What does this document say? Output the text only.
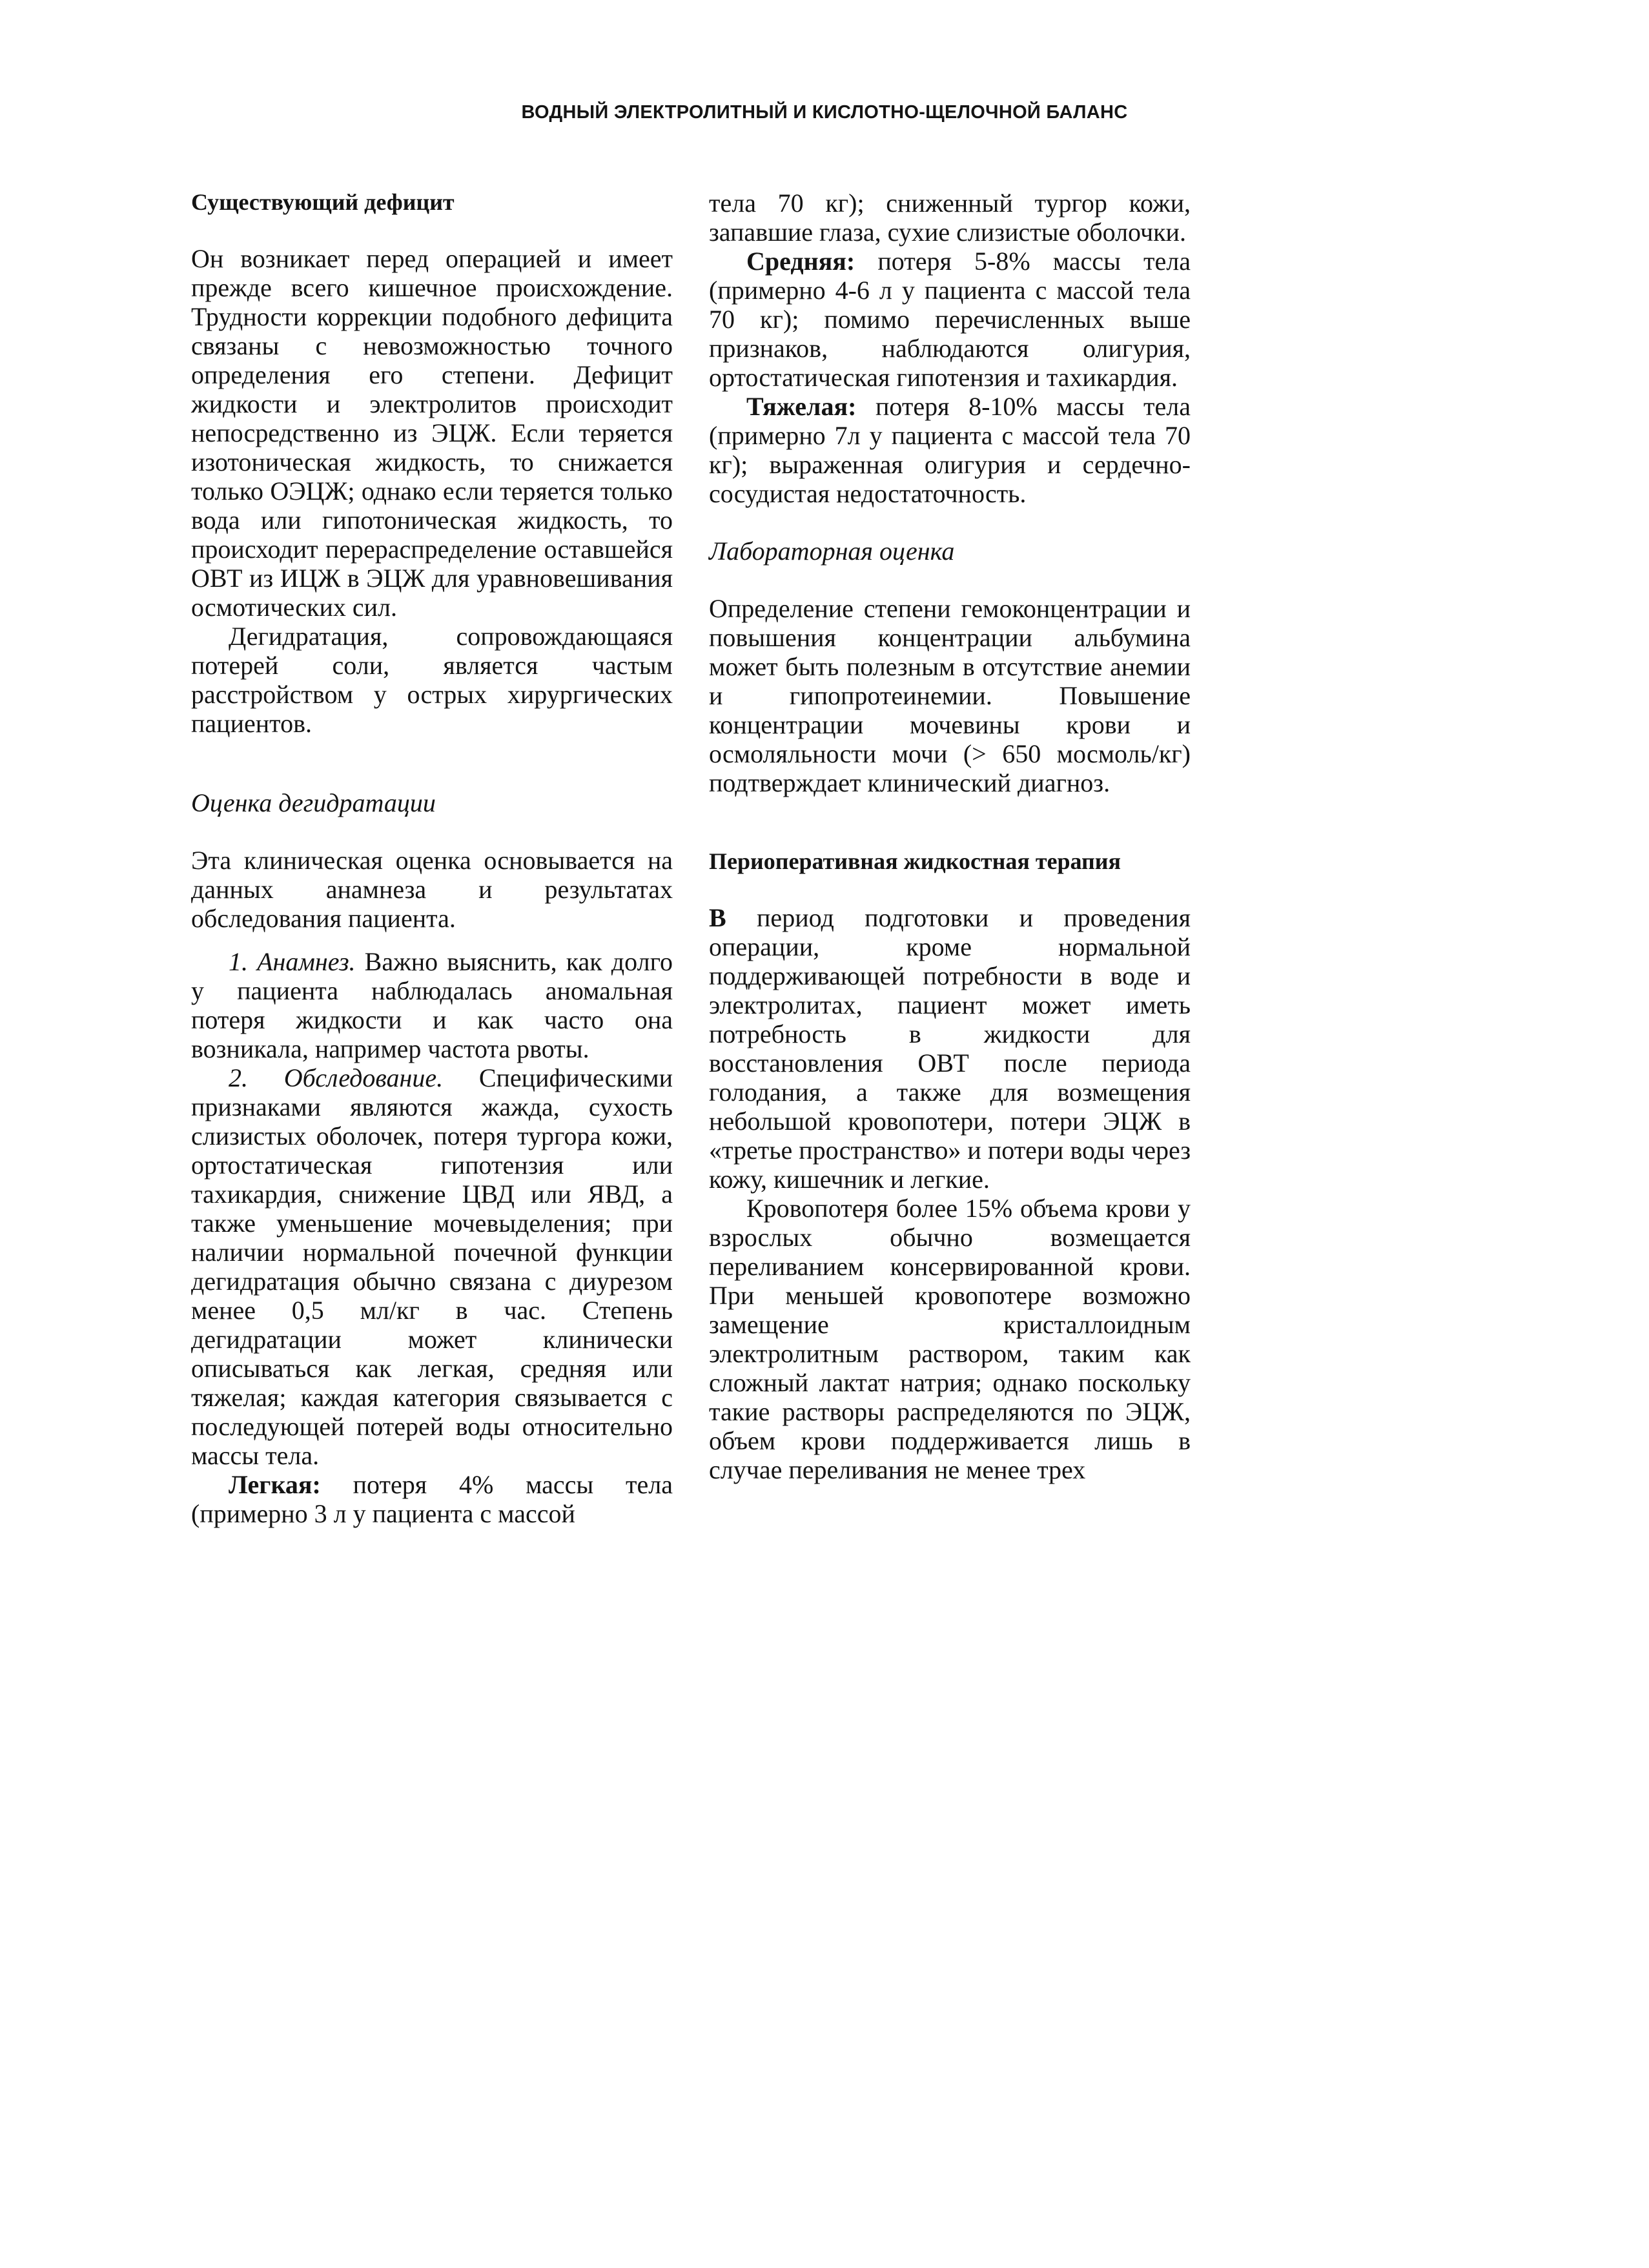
ВОДНЫЙ ЭЛЕКТРОЛИТНЫЙ И КИСЛОТНО-ЩЕЛОЧНОЙ БАЛАНС

Существующий дефицит

Он возникает перед операцией и имеет прежде всего кишечное происхождение. Трудности коррекции подобного дефицита связаны с невозможностью точного определения его степени. Дефицит жидкости и электролитов происходит непосредственно из ЭЦЖ. Если теряется изотоническая жидкость, то снижается только ОЭЦЖ; однако если теряется только вода или гипотоническая жидкость, то происходит перераспределение оставшейся ОВТ из ИЦЖ в ЭЦЖ для уравновешивания осмотических сил.

Дегидратация, сопровождающаяся потерей соли, является частым расстройством у острых хирургических пациентов.

Оценка дегидратации

Эта клиническая оценка основывается на данных анамнеза и результатах обследования пациента.

1. Анамнез. Важно выяснить, как долго у пациента наблюдалась аномальная потеря жидкости и как часто она возникала, например частота рвоты.

2. Обследование. Специфическими признаками являются жажда, сухость слизистых оболочек, потеря тургора кожи, ортостатическая гипотензия или тахикардия, снижение ЦВД или ЯВД, а также уменьшение мочевыделения; при наличии нормальной почечной функции дегидратация обычно связана с диурезом менее 0,5 мл/кг в час. Степень дегидратации может клинически описываться как легкая, средняя или тяжелая; каждая категория связывается с последующей потерей воды относительно массы тела.

Легкая: потеря 4% массы тела (примерно 3 л у пациента с массой

тела 70 кг); сниженный тургор кожи, запавшие глаза, сухие слизистые оболочки.

Средняя: потеря 5-8% массы тела (примерно 4-6 л у пациента с массой тела 70 кг); помимо перечисленных выше признаков, наблюдаются олигурия, ортостатическая гипотензия и тахикардия.

Тяжелая: потеря 8-10% массы тела (примерно 7л у пациента с массой тела 70 кг); выраженная олигурия и сердечно-сосудистая недостаточность.

Лабораторная оценка

Определение степени гемоконцентрации и повышения концентрации альбумина может быть полезным в отсутствие анемии и гипопротеинемии. Повышение концентрации мочевины крови и осмоляльности мочи (> 650 мосмоль/кг) подтверждает клинический диагноз.

Периоперативная жидкостная терапия

В период подготовки и проведения операции, кроме нормальной поддерживающей потребности в воде и электролитах, пациент может иметь потребность в жидкости для восстановления ОВТ после периода голодания, а также для возмещения небольшой кровопотери, потери ЭЦЖ в «третье пространство» и потери воды через кожу, кишечник и легкие.

Кровопотеря более 15% объема крови у взрослых обычно возмещается переливанием консервированной крови. При меньшей кровопотере возможно замещение кристаллоидным электролитным раствором, таким как сложный лактат натрия; однако поскольку такие растворы распределяются по ЭЦЖ, объем крови поддерживается лишь в случае переливания не менее трех
